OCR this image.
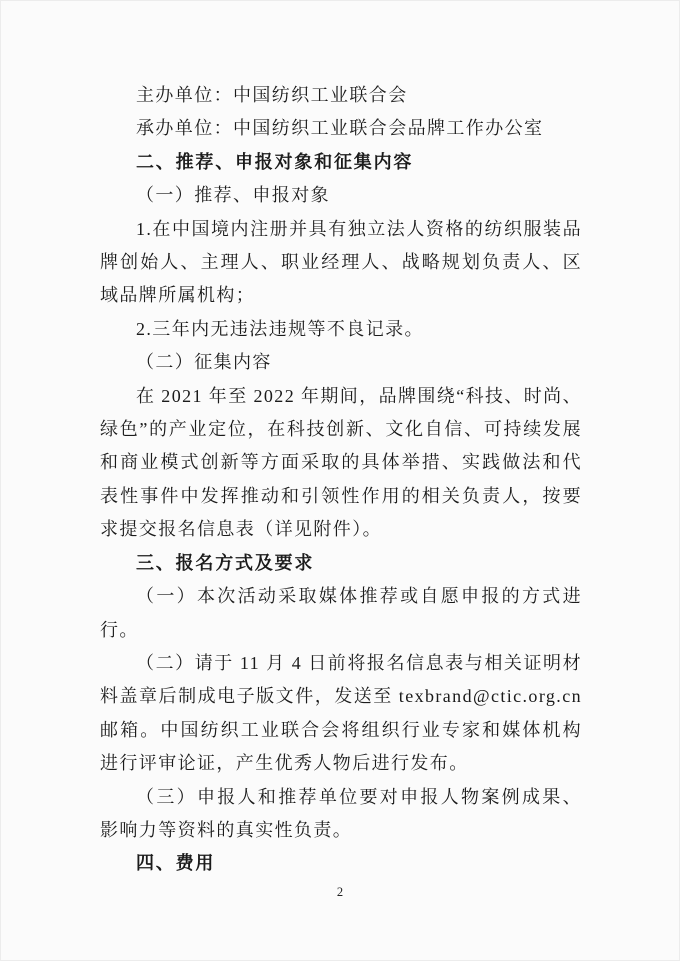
主办单位：中国纺织工业联合会

承办单位：中国纺织工业联合会品牌工作办公室

二、推荐、申报对象和征集内容

（一）推荐、申报对象

1.在中国境内注册并具有独立法人资格的纺织服装品牌创始人、主理人、职业经理人、战略规划负责人、区域品牌所属机构；

2.三年内无违法违规等不良记录。

（二）征集内容

在 2021 年至 2022 年期间，品牌围绕“科技、时尚、绿色”的产业定位，在科技创新、文化自信、可持续发展和商业模式创新等方面采取的具体举措、实践做法和代表性事件中发挥推动和引领性作用的相关负责人，按要求提交报名信息表（详见附件）。

三、报名方式及要求

（一）本次活动采取媒体推荐或自愿申报的方式进行。

（二）请于 11 月 4 日前将报名信息表与相关证明材料盖章后制成电子版文件，发送至 texbrand@ctic.org.cn 邮箱。中国纺织工业联合会将组织行业专家和媒体机构进行评审论证，产生优秀人物后进行发布。

（三）申报人和推荐单位要对申报人物案例成果、影响力等资料的真实性负责。

四、费用

2
